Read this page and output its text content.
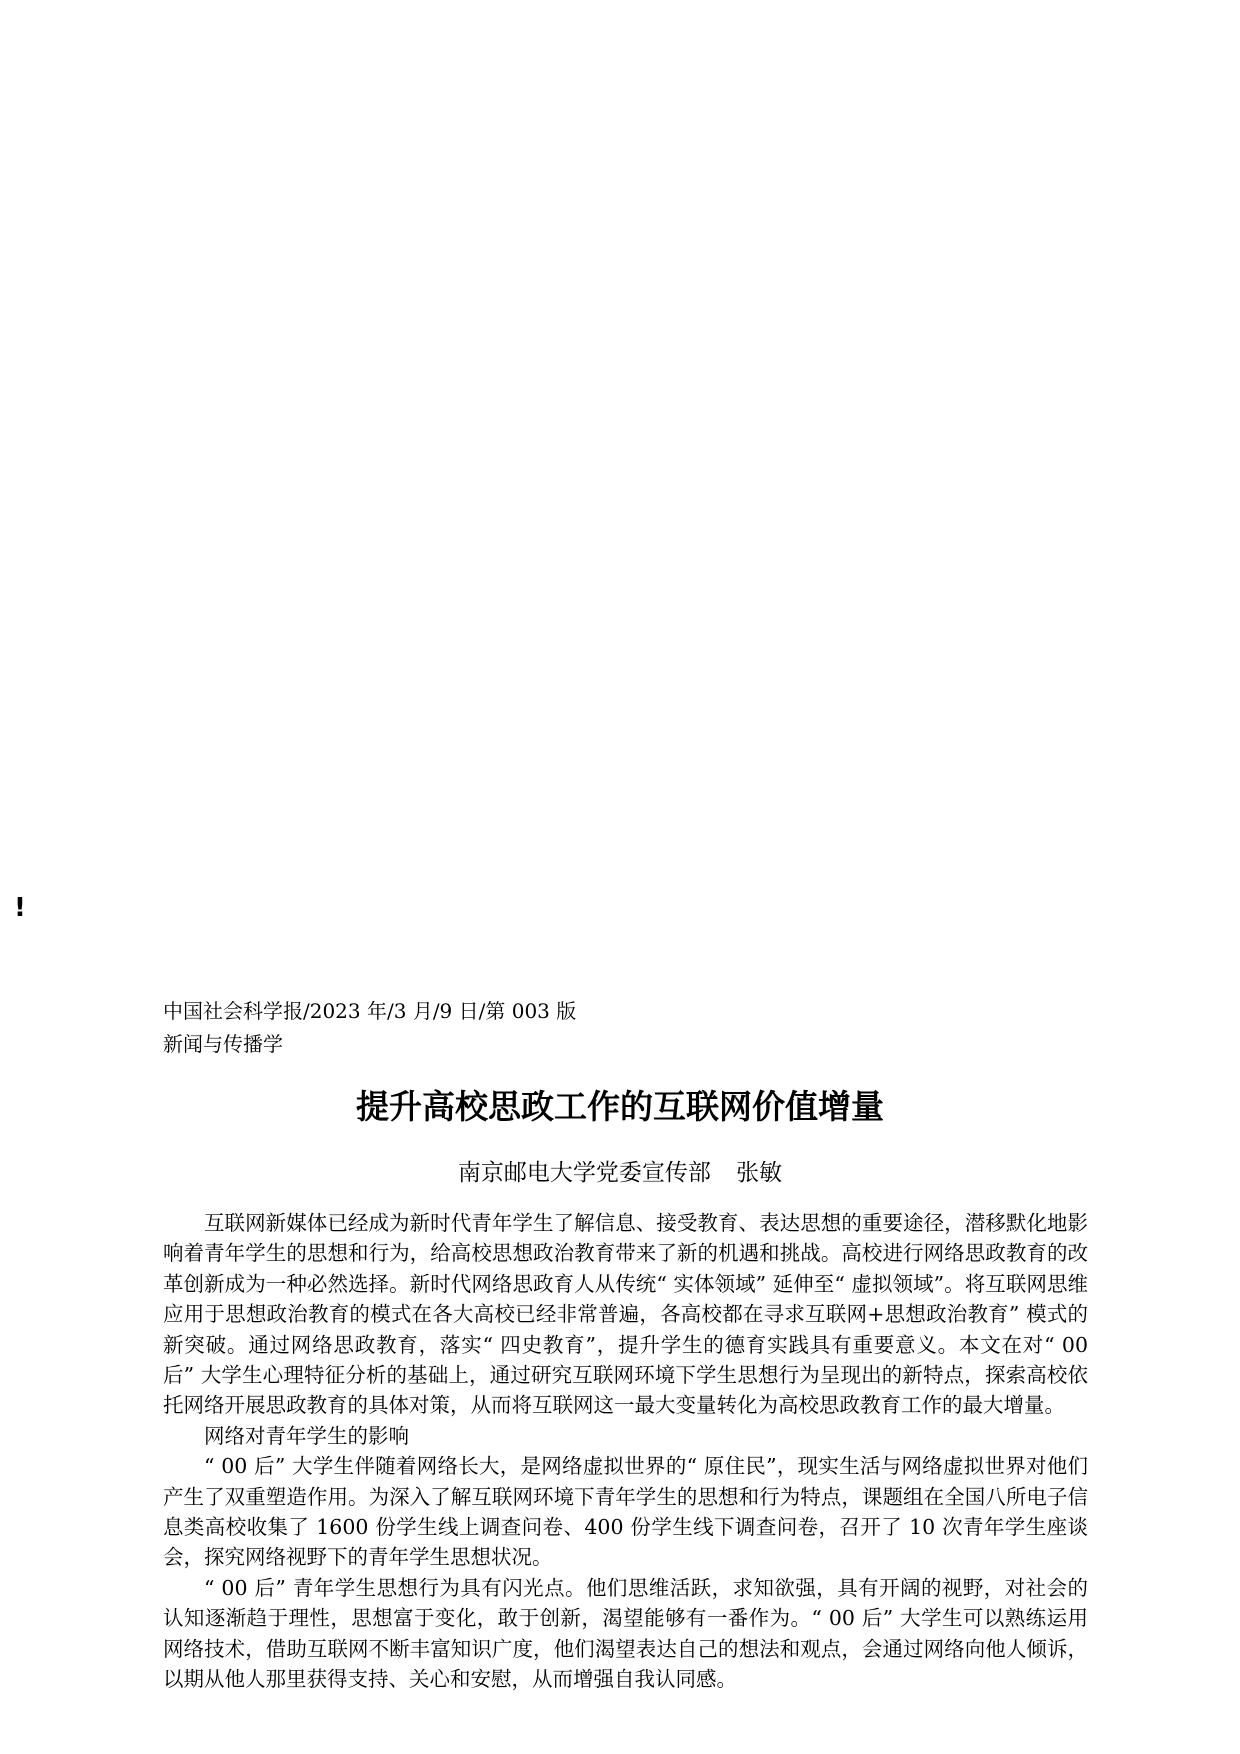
!
中国社会科学报/2023 年/3 月/9 日/第 003 版新闻与传播学
提升高校思政工作的互联网价值增量
南京邮电大学党委宣传部 张敏

互联网新媒体已经成为新时代青年学生了解信息、接受教育、表达思想的重要途径，潜移默化地影响着青年学生的思想和行为，给高校思想政治教育带来了新的机遇和挑战。高校进行网络思政教育的改革创新成为一种必然选择。新时代网络思政育人从传统“ 实体领域” 延伸至“ 虚拟领域”。将互联网思维应用于思想政治教育的模式在各大高校已经非常普遍，各高校都在寻求互联网+思想政治教育” 模式的新突破。通过网络思政教育，落实“ 四史教育”，提升学生的德育实践具有重要意义。本文在对“ 00 后” 大学生心理特征分析的基础上，通过研究互联网环境下学生思想行为呈现出的新特点，探索高校依托网络开展思政教育的具体对策，从而将互联网这一最大变量转化为高校思政教育工作的最大增量。

网络对青年学生的影响

“ 00 后” 大学生伴随着网络长大，是网络虚拟世界的“ 原住民”，现实生活与网络虚拟世界对他们产生了双重塑造作用。为深入了解互联网环境下青年学生的思想和行为特点，课题组在全国八所电子信息类高校收集了 1600 份学生线上调查问卷、400 份学生线下调查问卷，召开了 10 次青年学生座谈会，探究网络视野下的青年学生思想状况。

“ 00 后” 青年学生思想行为具有闪光点。他们思维活跃，求知欲强，具有开阔的视野，对社会的认知逐渐趋于理性，思想富于变化，敢于创新，渴望能够有一番作为。“ 00 后” 大学生可以熟练运用网络技术，借助互联网不断丰富知识广度，他们渴望表达自己的想法和观点，会通过网络向他人倾诉，以期从他人那里获得支持、关心和安慰，从而增强自我认同感。
